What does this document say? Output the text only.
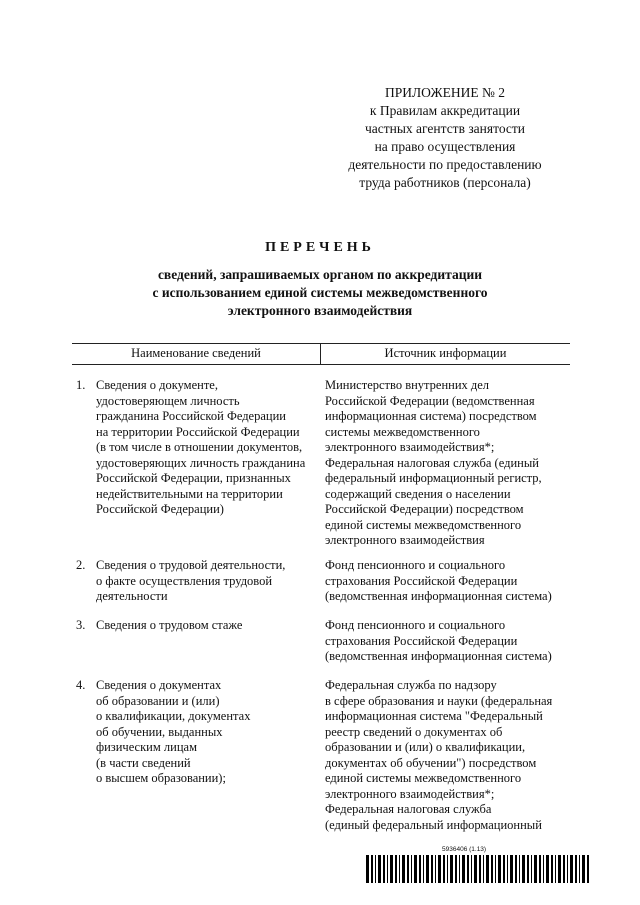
ПРИЛОЖЕНИЕ № 2
к Правилам аккредитации
частных агентств занятости
на право осуществления
деятельности по предоставлению
труда работников (персонала)
ПЕРЕЧЕНЬ
сведений, запрашиваемых органом по аккредитации
с использованием единой системы межведомственного
электронного взаимодействия
Наименование сведений	Источник информации
1. Сведения о документе,
удостоверяющем личность
гражданина Российской Федерации
на территории Российской Федерации
(в том числе в отношении документов,
удостоверяющих личность гражданина
Российской Федерации, признанных
недействительными на территории
Российской Федерации)
Министерство внутренних дел
Российской Федерации (ведомственная
информационная система) посредством
системы межведомственного
электронного взаимодействия*;
Федеральная налоговая служба (единый
федеральный информационный регистр,
содержащий сведения о населении
Российской Федерации) посредством
единой системы межведомственного
электронного взаимодействия
2. Сведения о трудовой деятельности,
о факте осуществления трудовой
деятельности
Фонд пенсионного и социального
страхования Российской Федерации
(ведомственная информационная система)
3. Сведения о трудовом стаже	Фонд пенсионного и социального
страхования Российской Федерации
(ведомственная информационная система)
4. Сведения о документах
об образовании и (или)
о квалификации, документах
об обучении, выданных
физическим лицам
(в части сведений
о высшем образовании);
Федеральная служба по надзору
в сфере образования и науки (федеральная
информационная система "Федеральный
реестр сведений о документах об
образовании и (или) о квалификации,
документах об обучении") посредством
единой системы межведомственного
электронного взаимодействия*;
Федеральная налоговая служба
(единый федеральный информационный
5936406 (1.13)
